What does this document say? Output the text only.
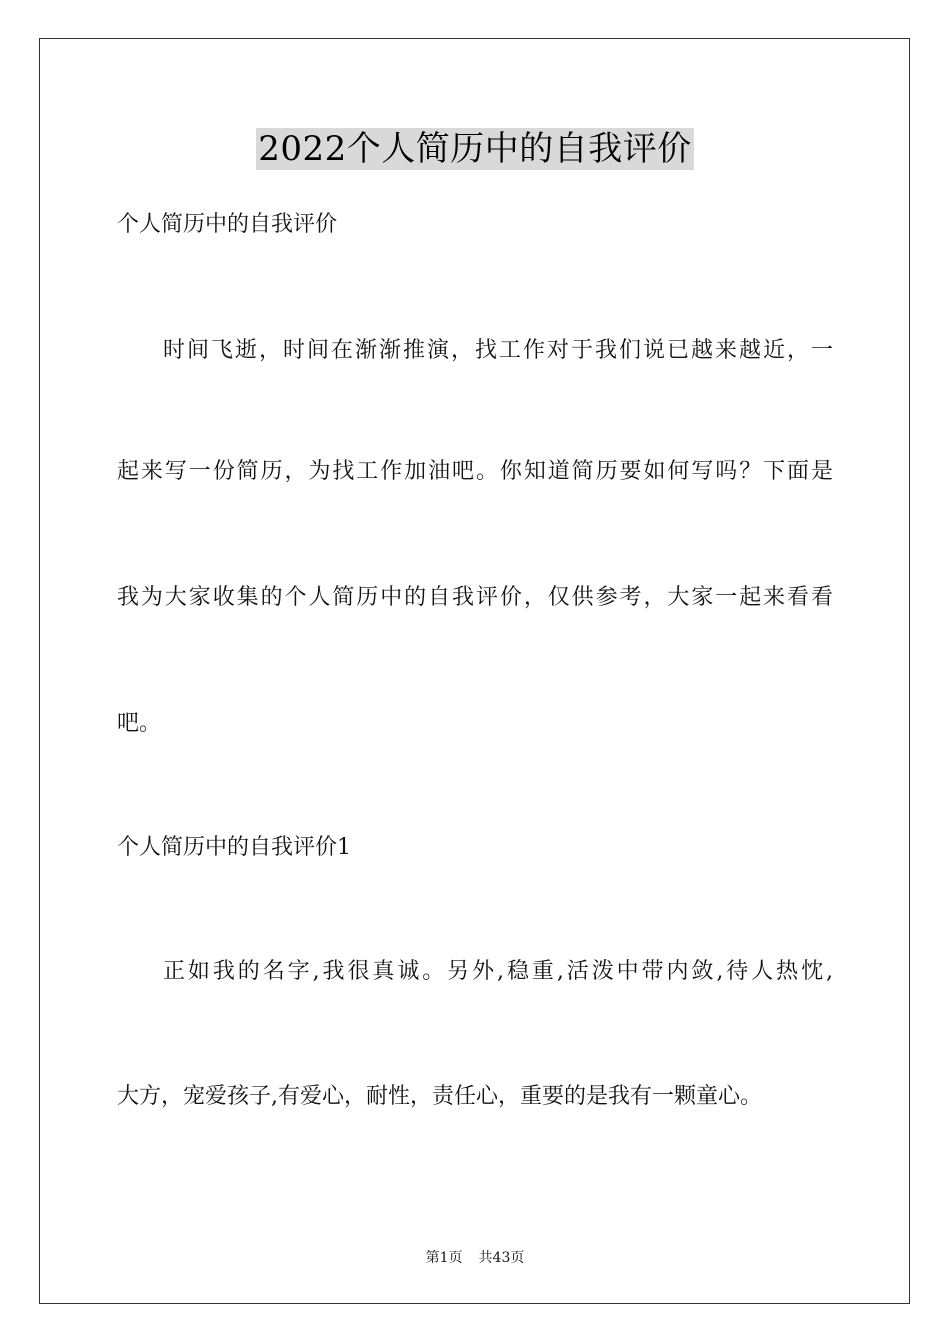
2022个人简历中的自我评价
个人简历中的自我评价
时间飞逝，时间在渐渐推演，找工作对于我们说已越来越近，一
起来写一份简历，为找工作加油吧。你知道简历要如何写吗？下面是
我为大家收集的个人简历中的自我评价，仅供参考，大家一起来看看
吧。
个人简历中的自我评价1
正如我的名字,我很真诚。另外,稳重,活泼中带内敛,待人热忱,
大方，宠爱孩子,有爱心，耐性，责任心，重要的是我有一颗童心。
第1页 共43页
